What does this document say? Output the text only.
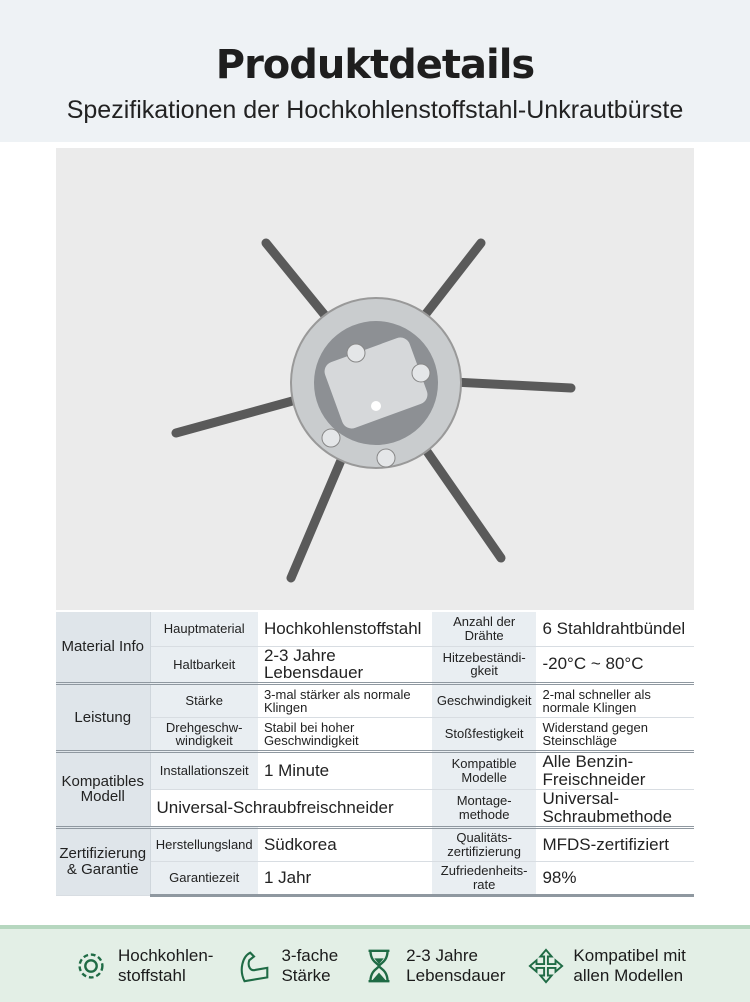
Produktdetails
Spezifikationen der Hochkohlenstoffstahl-Unkrautbürste
Material Info	Hauptmaterial	Hochkohlenstoffstahl	Anzahl der Drähte	6 Stahldrahtbündel
	Haltbarkeit	2-3 Jahre Lebensdauer	Hitzebeständi-gkeit	-20°C ~ 80°C
Leistung	Stärke	3-mal stärker als normale Klingen	Geschwindigkeit	2-mal schneller als normale Klingen
	Drehgeschw-windigkeit	Stabil bei hoher Geschwindigkeit	Stoßfestigkeit	Widerstand gegen Steinschläge
Kompatibles Modell	Installationszeit	1 Minute	Kompatible Modelle	Alle Benzin-Freischneider
	Universal-Schraubfreischneider		Montage-methode	Universal-Schraubmethode
Zertifizierung & Garantie	Herstellungsland	Südkorea	Qualitäts-zertifizierung	MFDS-zertifiziert
	Garantiezeit	1 Jahr	Zufriedenheits-rate	98%
Hochkohlen-
stoffstahl
3-fache
Stärke
2-3 Jahre
Lebensdauer
Kompatibel mit
allen Modellen
